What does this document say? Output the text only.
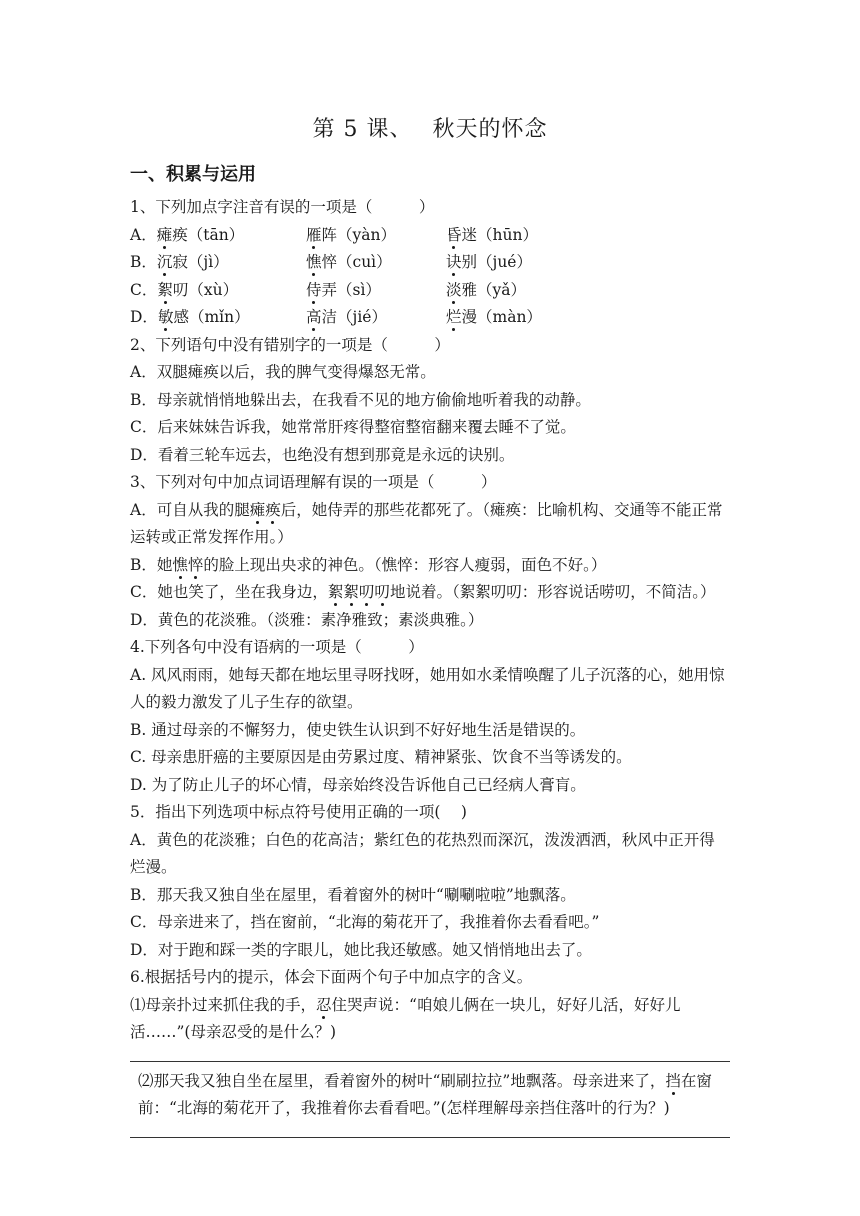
第 5 课、　 秋天的怀念
一、积累与运用
1、下列加点字注音有误的一项是（　　　）
A．瘫痪（tān）	雁阵（yàn）	昏迷（hūn）
B．沉寂（jì）	憔悴（cuì）	诀别（jué）
C．絮叨（xù）	侍弄（sì）	淡雅（yǎ）
D．敏感（mǐn）	高洁（jié）	烂漫（màn）
2、下列语句中没有错别字的一项是（　　　）
A．双腿瘫痪以后，我的脾气变得爆怒无常。
B．母亲就悄悄地躲出去，在我看不见的地方偷偷地听着我的动静。
C．后来妹妹告诉我，她常常肝疼得整宿整宿翻来覆去睡不了觉。
D．看着三轮车远去，也绝没有想到那竟是永远的诀别。
3、下列对句中加点词语理解有误的一项是（　　　）
A．可自从我的腿瘫痪后，她侍弄的那些花都死了。（瘫痪：比喻机构、交通等不能正常运转或正常发挥作用。）
B．她憔悴的脸上现出央求的神色。（憔悴：形容人瘦弱，面色不好。）
C．她也笑了，坐在我身边，絮絮叨叨地说着。（絮絮叨叨：形容说话唠叨，不简洁。）
D．黄色的花淡雅。（淡雅：素净雅致；素淡典雅。）
4.下列各句中没有语病的一项是（　　　）
A. 风风雨雨，她每天都在地坛里寻呀找呀，她用如水柔情唤醒了儿子沉落的心，她用惊人的毅力激发了儿子生存的欲望。
B. 通过母亲的不懈努力，使史铁生认识到不好好地生活是错误的。
C. 母亲患肝癌的主要原因是由劳累过度、精神紧张、饮食不当等诱发的。
D. 为了防止儿子的坏心情，母亲始终没告诉他自己已经病人膏肓。
5．指出下列选项中标点符号使用正确的一项(　 )
A．黄色的花淡雅；白色的花高洁；紫红色的花热烈而深沉，泼泼洒洒，秋风中正开得
烂漫。
B．那天我又独自坐在屋里，看着窗外的树叶“唰唰啦啦”地飘落。
C．母亲进来了，挡在窗前，“北海的菊花开了，我推着你去看看吧。”
D．对于跑和踩一类的字眼儿，她比我还敏感。她又悄悄地出去了。
6.根据括号内的提示，体会下面两个句子中加点字的含义。
⑴母亲扑过来抓住我的手，忍住哭声说：“咱娘儿俩在一块儿，好好儿活，好好儿活……”(母亲忍受的是什么？)
⑵那天我又独自坐在屋里，看着窗外的树叶“刷刷拉拉”地飘落。母亲进来了，挡在窗前：“北海的菊花开了，我推着你去看看吧。”(怎样理解母亲挡住落叶的行为？)
